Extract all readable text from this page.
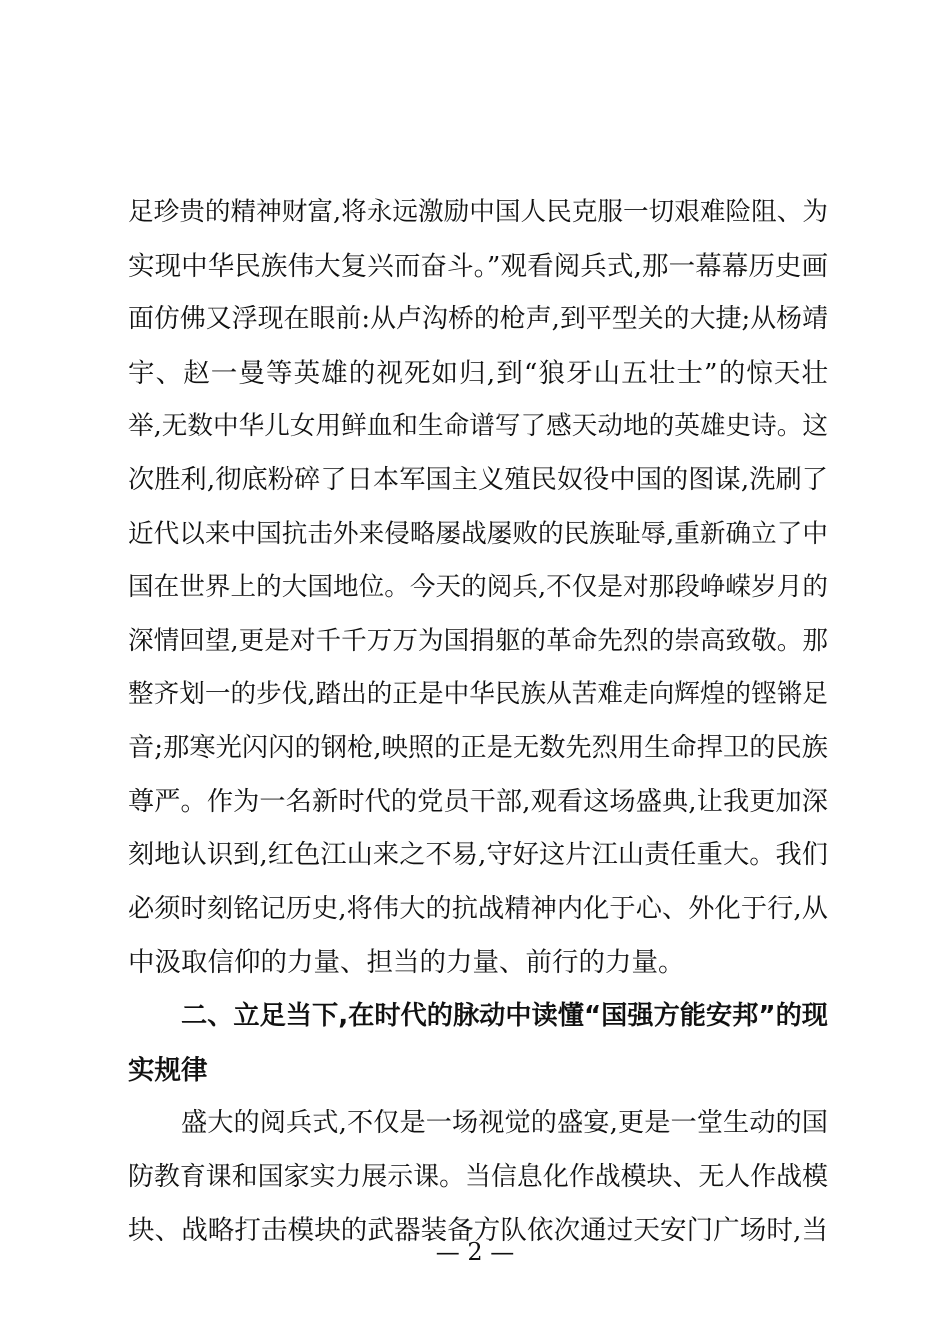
足珍贵的精神财富,将永远激励中国人民克服一切艰难险阻、为
实现中华民族伟大复兴而奋斗。”观看阅兵式,那一幕幕历史画
面仿佛又浮现在眼前:从卢沟桥的枪声,到平型关的大捷;从杨靖
宇、赵一曼等英雄的视死如归,到“狼牙山五壮士”的惊天壮
举,无数中华儿女用鲜血和生命谱写了感天动地的英雄史诗。这
次胜利,彻底粉碎了日本军国主义殖民奴役中国的图谋,洗刷了
近代以来中国抗击外来侵略屡战屡败的民族耻辱,重新确立了中
国在世界上的大国地位。今天的阅兵,不仅是对那段峥嵘岁月的
深情回望,更是对千千万万为国捐躯的革命先烈的崇高致敬。那
整齐划一的步伐,踏出的正是中华民族从苦难走向辉煌的铿锵足
音;那寒光闪闪的钢枪,映照的正是无数先烈用生命捍卫的民族
尊严。作为一名新时代的党员干部,观看这场盛典,让我更加深
刻地认识到,红色江山来之不易,守好这片江山责任重大。我们
必须时刻铭记历史,将伟大的抗战精神内化于心、外化于行,从
中汲取信仰的力量、担当的力量、前行的力量。
二、立足当下,在时代的脉动中读懂“国强方能安邦”的现
实规律
盛大的阅兵式,不仅是一场视觉的盛宴,更是一堂生动的国
防教育课和国家实力展示课。当信息化作战模块、无人作战模
块、战略打击模块的武器装备方队依次通过天安门广场时,当
— 2 —
